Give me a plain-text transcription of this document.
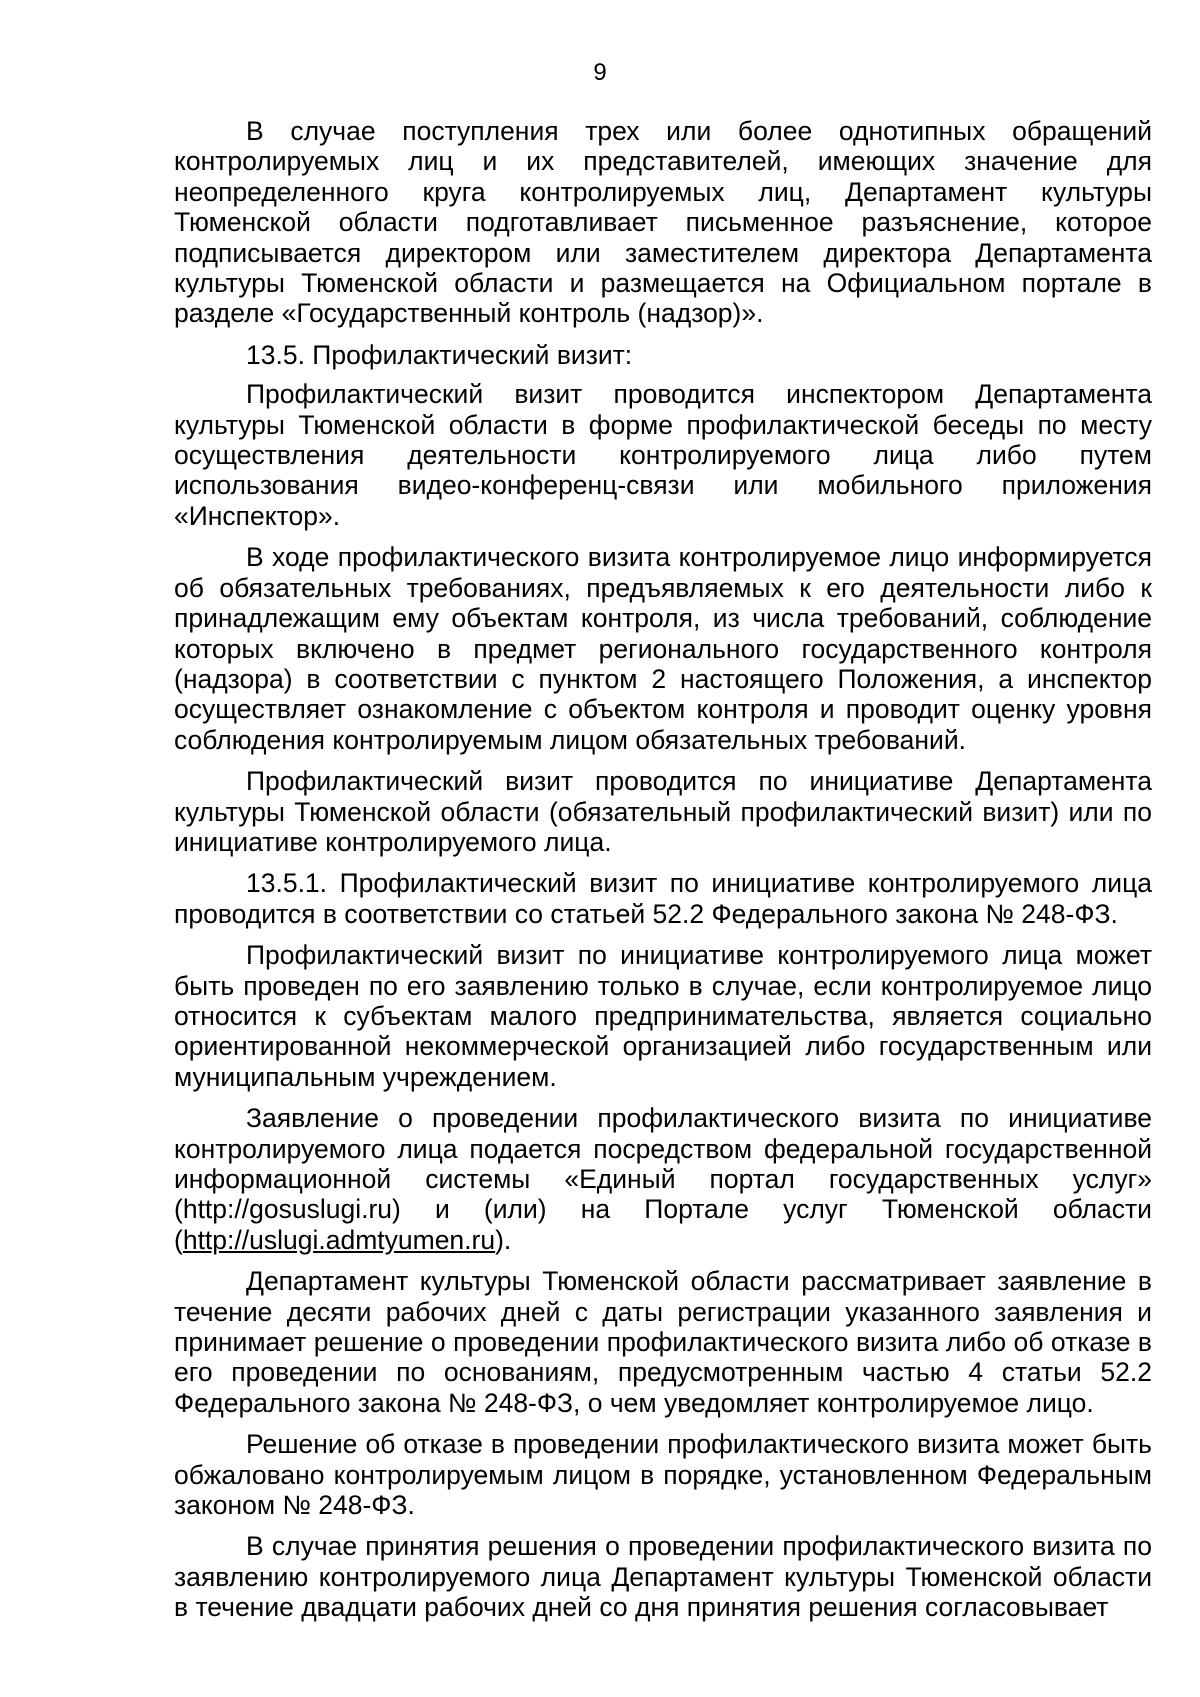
9

В случае поступления трех или более однотипных обращений контролируемых лиц и их представителей, имеющих значение для неопределенного круга контролируемых лиц, Департамент культуры Тюменской области подготавливает письменное разъяснение, которое подписывается директором или заместителем директора Департамента культуры Тюменской области и размещается на Официальном портале в разделе «Государственный контроль (надзор)».

13.5. Профилактический визит:

Профилактический визит проводится инспектором Департамента культуры Тюменской области в форме профилактической беседы по месту осуществления деятельности контролируемого лица либо путем использования видео-конференц-связи или мобильного приложения «Инспектор».

В ходе профилактического визита контролируемое лицо информируется об обязательных требованиях, предъявляемых к его деятельности либо к принадлежащим ему объектам контроля, из числа требований, соблюдение которых включено в предмет регионального государственного контроля (надзора) в соответствии с пунктом 2 настоящего Положения, а инспектор осуществляет ознакомление с объектом контроля и проводит оценку уровня соблюдения контролируемым лицом обязательных требований.

Профилактический визит проводится по инициативе Департамента культуры Тюменской области (обязательный профилактический визит) или по инициативе контролируемого лица.

13.5.1. Профилактический визит по инициативе контролируемого лица проводится в соответствии со статьей 52.2 Федерального закона № 248-ФЗ.

Профилактический визит по инициативе контролируемого лица может быть проведен по его заявлению только в случае, если контролируемое лицо относится к субъектам малого предпринимательства, является социально ориентированной некоммерческой организацией либо государственным или муниципальным учреждением.

Заявление о проведении профилактического визита по инициативе контролируемого лица подается посредством федеральной государственной информационной системы «Единый портал государственных услуг» (http://gosuslugi.ru) и (или) на Портале услуг Тюменской области (http://uslugi.admtyumen.ru).

Департамент культуры Тюменской области рассматривает заявление в течение десяти рабочих дней с даты регистрации указанного заявления и принимает решение о проведении профилактического визита либо об отказе в его проведении по основаниям, предусмотренным частью 4 статьи 52.2 Федерального закона № 248-ФЗ, о чем уведомляет контролируемое лицо.

Решение об отказе в проведении профилактического визита может быть обжаловано контролируемым лицом в порядке, установленном Федеральным законом № 248-ФЗ.

В случае принятия решения о проведении профилактического визита по заявлению контролируемого лица Департамент культуры Тюменской области в течение двадцати рабочих дней со дня принятия решения согласовывает
